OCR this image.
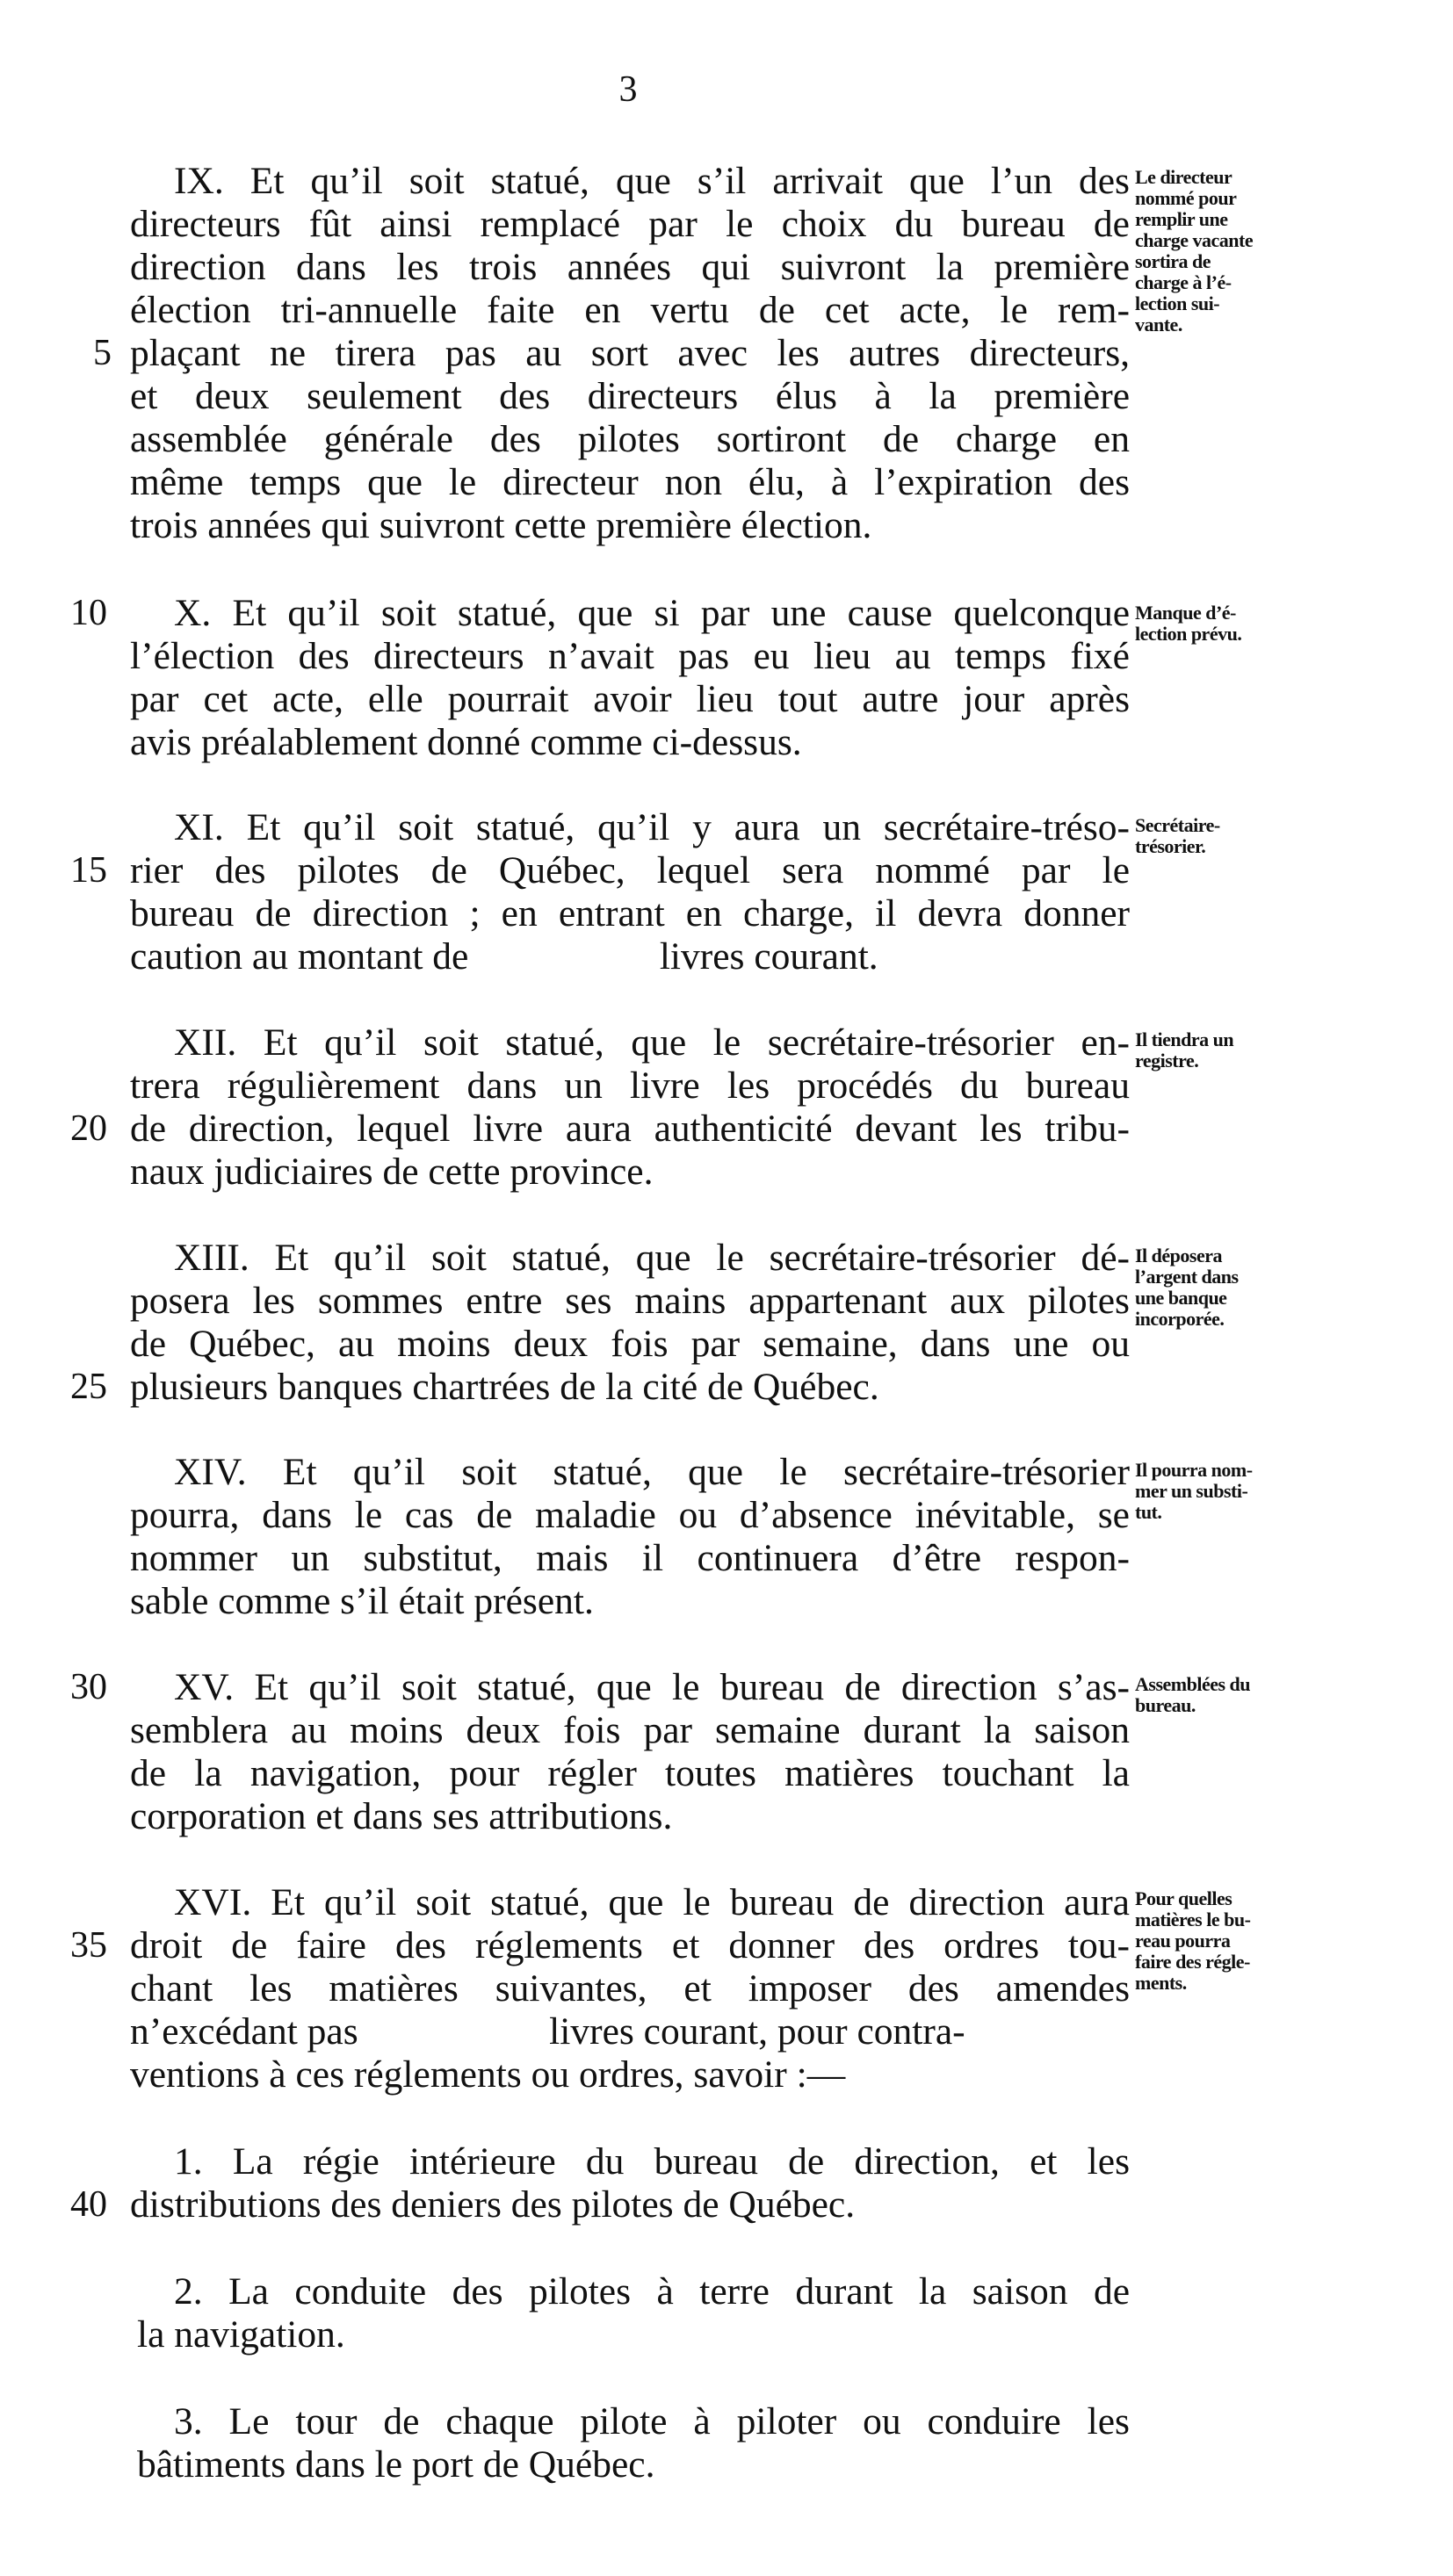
3
IX. Et qu’il soit statué, que s’il arrivait que l’un des
directeurs fût ainsi remplacé par le choix du bureau de
direction dans les trois années qui suivront la première
élection tri-annuelle faite en vertu de cet acte, le rem-
plaçant ne tirera pas au sort avec les autres directeurs,
et deux seulement des directeurs élus à la première
assemblée générale des pilotes sortiront de charge en
même temps que le directeur non élu, à l’expiration des
trois années qui suivront cette première élection.
X. Et qu’il soit statué, que si par une cause quelconque
l’élection des directeurs n’avait pas eu lieu au temps fixé
par cet acte, elle pourrait avoir lieu tout autre jour après
avis préalablement donné comme ci-dessus.
XI. Et qu’il soit statué, qu’il y aura un secrétaire-tréso-
rier des pilotes de Québec, lequel sera nommé par le
bureau de direction ; en entrant en charge, il devra donner
caution au montant de                    livres courant.
XII. Et qu’il soit statué, que le secrétaire-trésorier en-
trera régulièrement dans un livre les procédés du bureau
de direction, lequel livre aura authenticité devant les tribu-
naux judiciaires de cette province.
XIII. Et qu’il soit statué, que le secrétaire-trésorier dé-
posera les sommes entre ses mains appartenant aux pilotes
de Québec, au moins deux fois par semaine, dans une ou
plusieurs banques chartrées de la cité de Québec.
XIV. Et qu’il soit statué, que le secrétaire-trésorier
pourra, dans le cas de maladie ou d’absence inévitable, se
nommer un substitut, mais il continuera d’être respon-
sable comme s’il était présent.
XV. Et qu’il soit statué, que le bureau de direction s’as-
semblera au moins deux fois par semaine durant la saison
de la navigation, pour régler toutes matières touchant la
corporation et dans ses attributions.
XVI. Et qu’il soit statué, que le bureau de direction aura
droit de faire des réglements et donner des ordres tou-
chant les matières suivantes, et imposer des amendes
n’excédant pas                    livres courant, pour contra-
ventions à ces réglements ou ordres, savoir :—
1. La régie intérieure du bureau de direction, et les
distributions des deniers des pilotes de Québec.
2. La conduite des pilotes à terre durant la saison de
la navigation.
3. Le tour de chaque pilote à piloter ou conduire les
bâtiments dans le port de Québec.
5
10
15
20
25
30
35
40
Le directeur
nommé pour
remplir une
charge vacante
sortira de
charge à l’é-
lection sui-
vante.
Manque d’é-
lection prévu.
Secrétaire-
trésorier.
Il tiendra un
registre.
Il déposera
l’argent dans
une banque
incorporée.
Il pourra nom-
mer un substi-
tut.
Assemblées du
bureau.
Pour quelles
matières le bu-
reau pourra
faire des régle-
ments.
